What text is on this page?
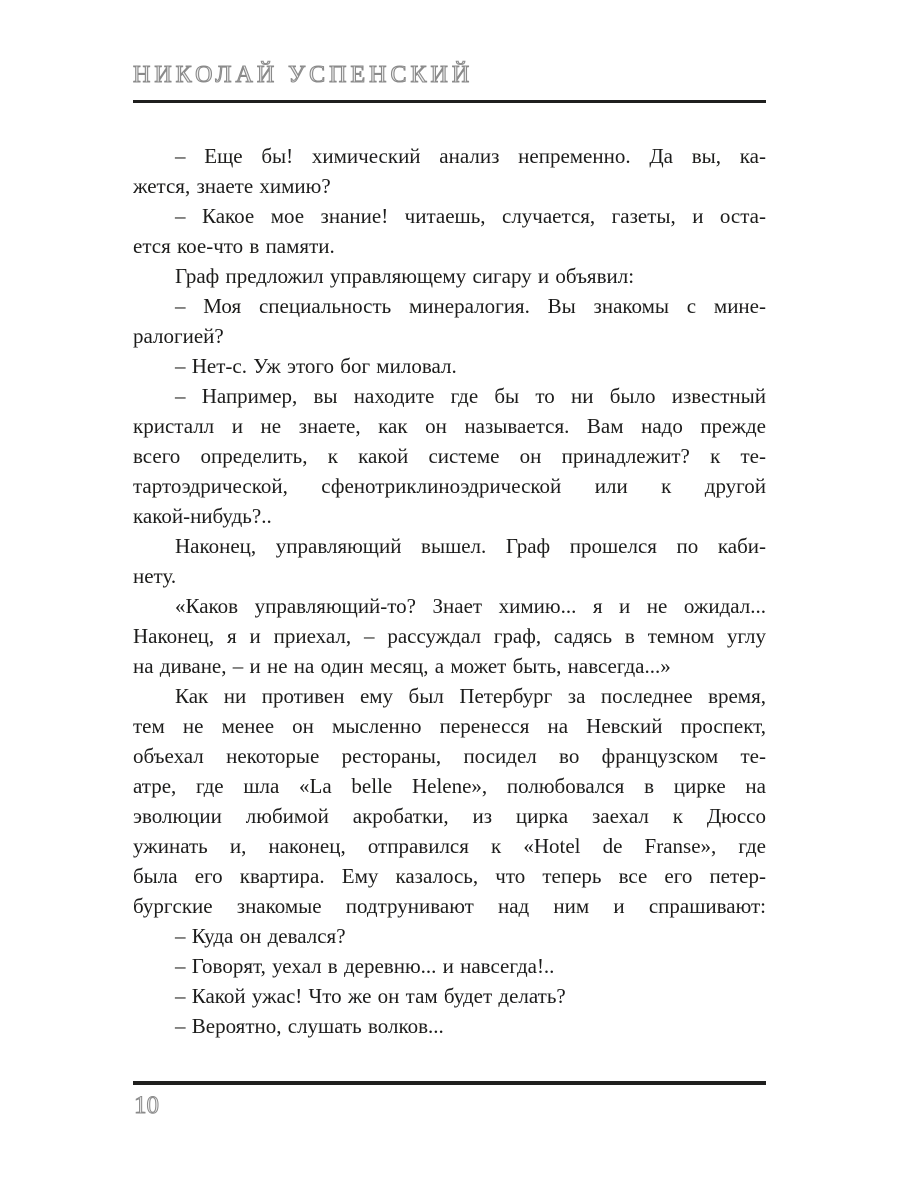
НИКОЛАЙ УСПЕНСКИЙ
– Еще бы! химический анализ непременно. Да вы, ка-
жется, знаете химию?
– Какое мое знание! читаешь, случается, газеты, и оста-
ется кое-что в памяти.
Граф предложил управляющему сигару и объявил:
– Моя специальность минералогия. Вы знакомы с мине-
ралогией?
– Нет-с. Уж этого бог миловал.
– Например, вы находите где бы то ни было известный
кристалл и не знаете, как он называется. Вам надо прежде
всего определить, к какой системе он принадлежит? к те-
тартоэдрической, сфенотриклиноэдрической или к другой
какой-нибудь?..
Наконец, управляющий вышел. Граф прошелся по каби-
нету.
«Каков управляющий-то? Знает химию... я и не ожидал...
Наконец, я и приехал, – рассуждал граф, садясь в темном углу
на диване, – и не на один месяц, а может быть, навсегда...»
Как ни противен ему был Петербург за последнее время,
тем не менее он мысленно перенесся на Невский проспект,
объехал некоторые рестораны, посидел во французском те-
атре, где шла «La belle Helene», полюбовался в цирке на
эволюции любимой акробатки, из цирка заехал к Дюссо
ужинать и, наконец, отправился к «Hotel de Franse», где
была его квартира. Ему казалось, что теперь все его петер-
бургские знакомые подтрунивают над ним и спрашивают:
– Куда он девался?
– Говорят, уехал в деревню... и навсегда!..
– Какой ужас! Что же он там будет делать?
– Вероятно, слушать волков...
10
